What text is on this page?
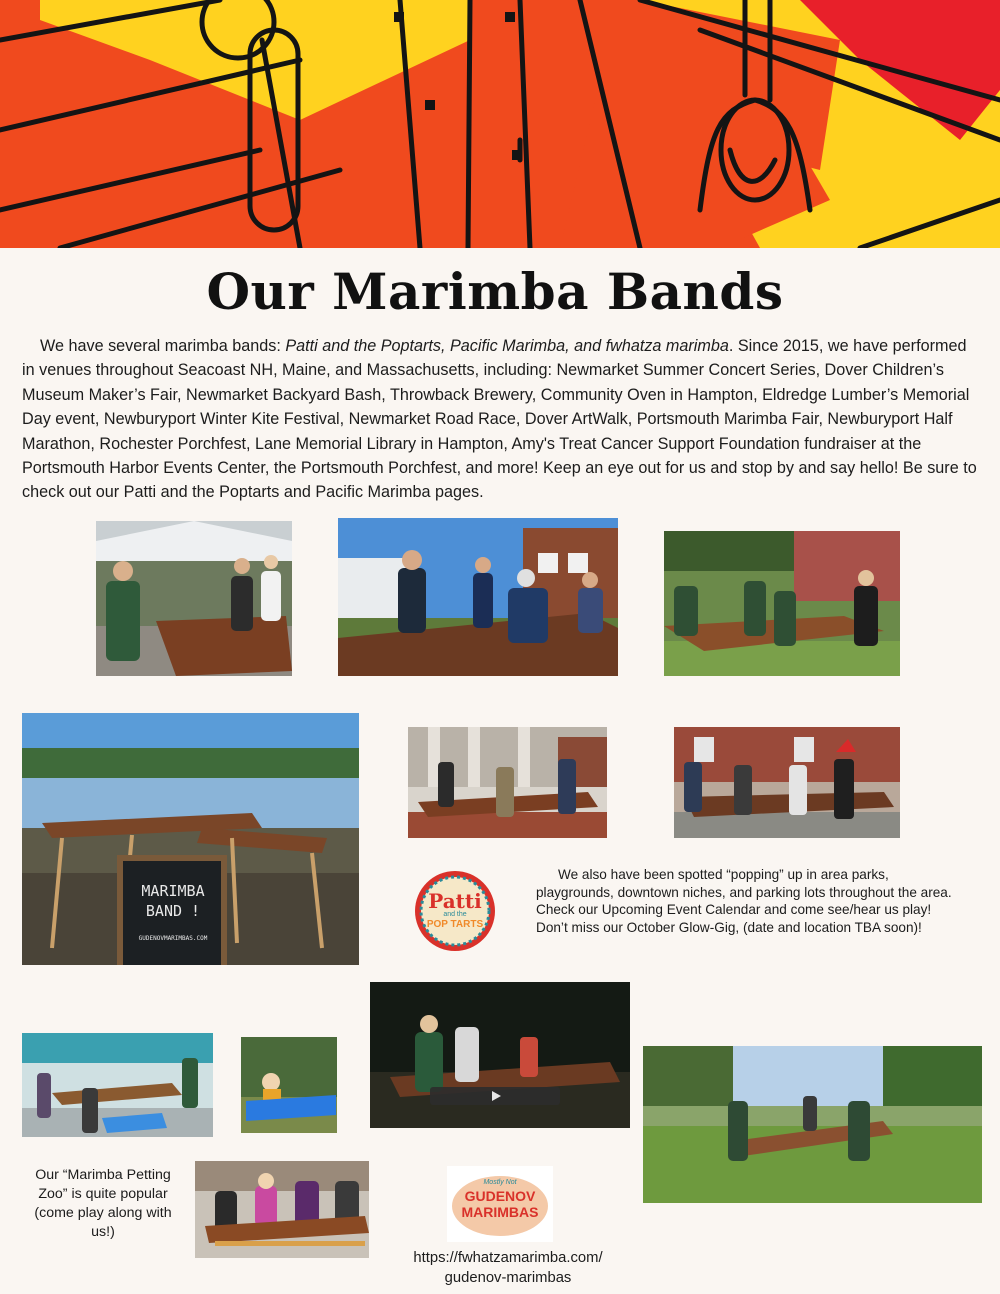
Our Marimba Bands
We have several marimba bands: Patti and the Poptarts, Pacific Marimba, and fwhatza marimba. Since 2015, we have performed in venues throughout Seacoast NH, Maine, and Massachusetts, including: Newmarket Summer Concert Series, Dover Children’s Museum Maker’s Fair, Newmarket Backyard Bash, Throwback Brewery, Community Oven in Hampton, Eldredge Lumber’s Memorial Day event, Newburyport Winter Kite Festival, Newmarket Road Race, Dover ArtWalk, Portsmouth Marimba Fair, Newburyport Half Marathon, Rochester Porchfest, Lane Memorial Library in Hampton, Amy's Treat Cancer Support Foundation fundraiser at the Portsmouth Harbor Events Center, the Portsmouth Porchfest, and more! Keep an eye out for us and stop by and say hello! Be sure to check out our Patti and the Poptarts and Pacific Marimba pages.
MARIMBA
BAND !
GUDENOVMARIMBAS.COM
Patti
and the
POP TARTS
We also have been spotted “popping” up in area parks, playgrounds, downtown niches, and parking lots throughout the area. Check our Upcoming Event Calendar and come see/hear us play! Don’t miss our October Glow-Gig, (date and location TBA soon)!
Our “Marimba Petting Zoo” is quite popular (come play along with us!)
Mostly Not
GUDENOV
MARIMBAS
https://fwhatzamarimba.com/ gudenov-marimbas
